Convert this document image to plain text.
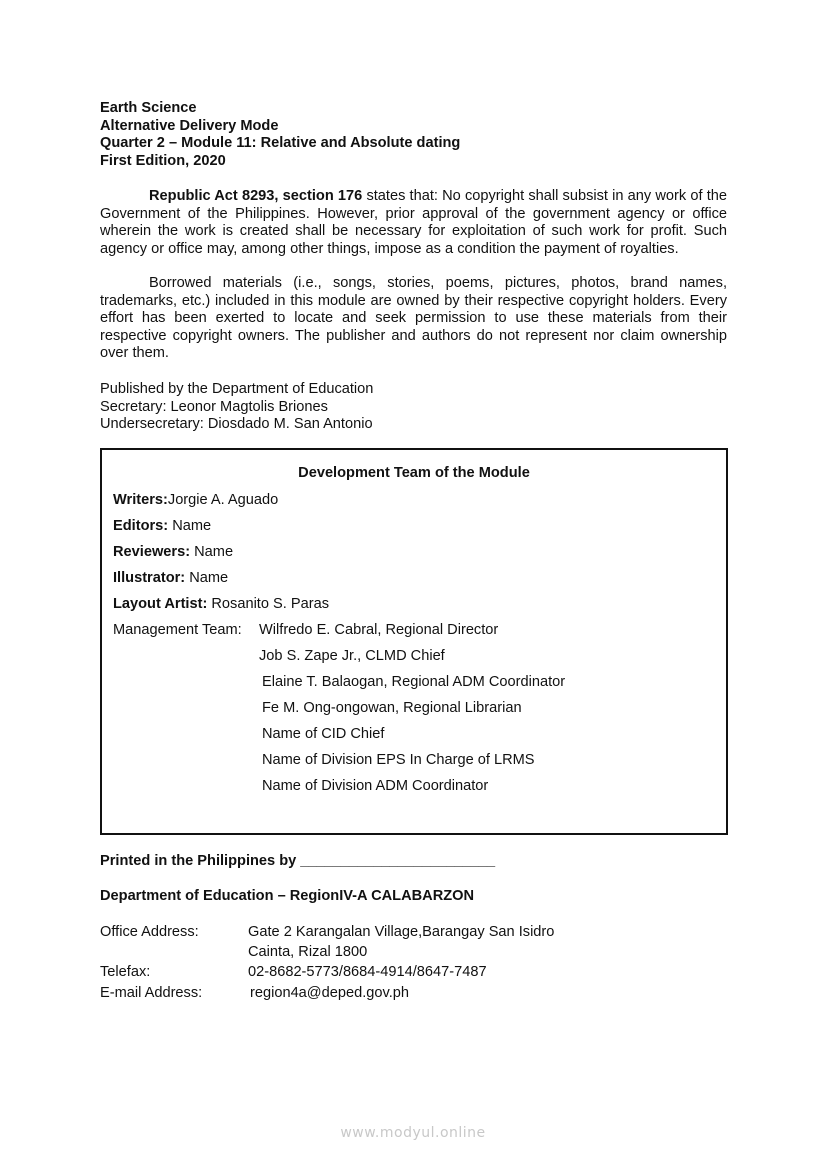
Earth Science
Alternative Delivery Mode
Quarter 2 – Module 11: Relative and Absolute dating
First Edition, 2020
Republic Act 8293, section 176 states that: No copyright shall subsist in any work of the Government of the Philippines. However, prior approval of the government agency or office wherein the work is created shall be necessary for exploitation of such work for profit. Such agency or office may, among other things, impose as a condition the payment of royalties.
Borrowed materials (i.e., songs, stories, poems, pictures, photos, brand names, trademarks, etc.) included in this module are owned by their respective copyright holders. Every effort has been exerted to locate and seek permission to use these materials from their respective copyright owners. The publisher and authors do not represent nor claim ownership over them.
Published by the Department of Education
Secretary: Leonor Magtolis Briones
Undersecretary: Diosdado M. San Antonio
Development Team of the Module
Writers:Jorgie A. Aguado
Editors: Name
Reviewers: Name
Illustrator: Name
Layout Artist: Rosanito S. Paras
Management Team: Wilfredo E. Cabral, Regional Director
Job S. Zape Jr., CLMD Chief
Elaine T. Balaogan, Regional ADM Coordinator
Fe M. Ong-ongowan, Regional Librarian
Name of CID Chief
Name of Division EPS In Charge of LRMS
Name of Division ADM Coordinator
Printed in the Philippines by ________________________
Department of Education – RegionIV-A CALABARZON
Office Address:	Gate 2 Karangalan Village,Barangay San Isidro
Cainta, Rizal 1800
Telefax:	02-8682-5773/8684-4914/8647-7487
E-mail Address:	region4a@deped.gov.ph
www.modyul.online
